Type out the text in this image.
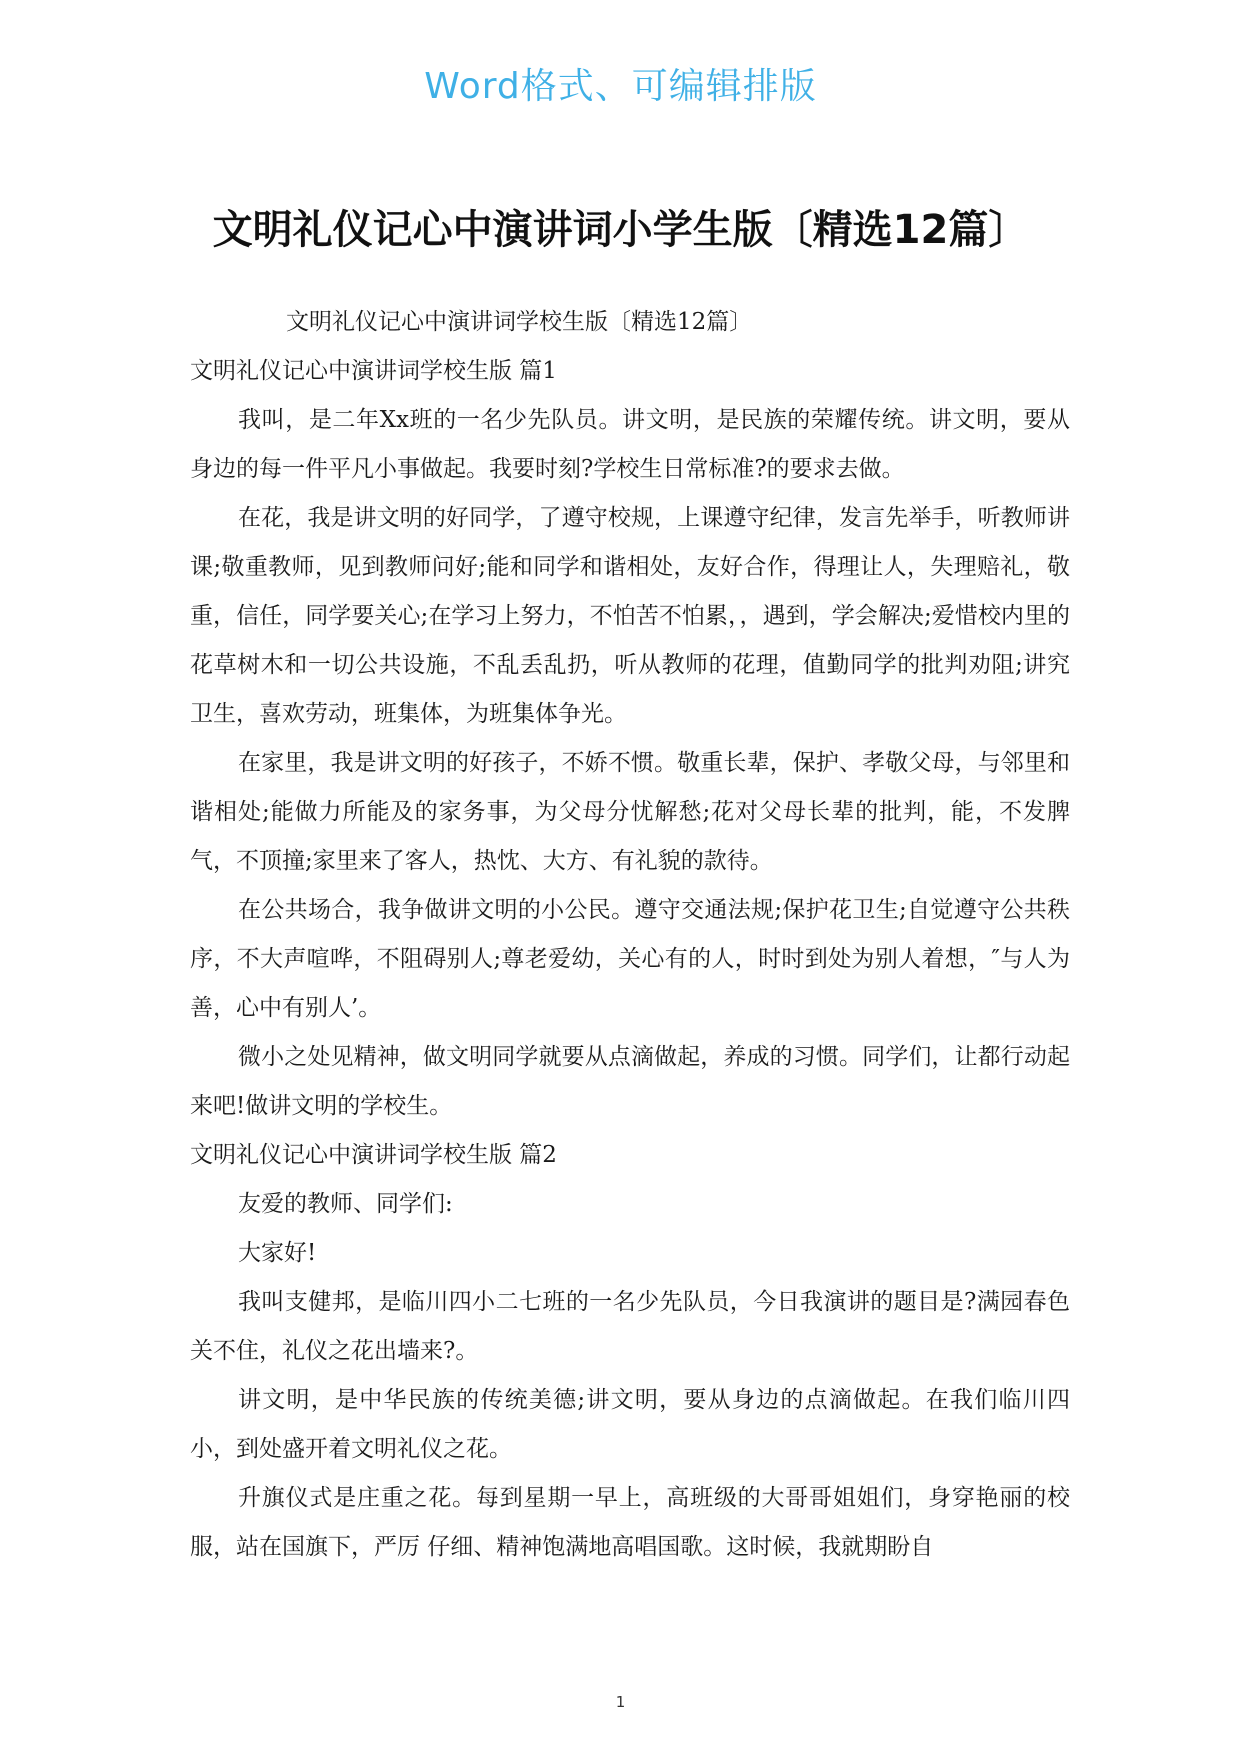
Word格式、可编辑排版
文明礼仪记心中演讲词小学生版〔精选12篇〕
文明礼仪记心中演讲词学校生版〔精选12篇〕
文明礼仪记心中演讲词学校生版 篇1

我叫，是二年Xx班的一名少先队员。讲文明，是民族的荣耀传统。讲文明，要从身边的每一件平凡小事做起。我要时刻?学校生日常标准?的要求去做。

在花，我是讲文明的好同学，了遵守校规，上课遵守纪律，发言先举手，听教师讲课;敬重教师，见到教师问好;能和同学和谐相处，友好合作，得理让人，失理赔礼，敬重，信任，同学要关心;在学习上努力，不怕苦不怕累，，遇到，学会解决;爱惜校内里的花草树木和一切公共设施，不乱丢乱扔，听从教师的花理，值勤同学的批判劝阻;讲究卫生，喜欢劳动，班集体，为班集体争光。

在家里，我是讲文明的好孩子，不娇不惯。敬重长辈，保护、孝敬父母，与邻里和谐相处;能做力所能及的家务事，为父母分忧解愁;花对父母长辈的批判，能，不发脾气，不顶撞;家里来了客人，热忱、大方、有礼貌的款待。

在公共场合，我争做讲文明的小公民。遵守交通法规;保护花卫生;自觉遵守公共秩序，不大声喧哗，不阻碍别人;尊老爱幼，关心有的人，时时到处为别人着想，″与人为善，心中有别人’。

微小之处见精神，做文明同学就要从点滴做起，养成的习惯。同学们，让都行动起来吧!做讲文明的学校生。

文明礼仪记心中演讲词学校生版 篇2

友爱的教师、同学们:

大家好!

我叫支健邦，是临川四小二七班的一名少先队员，今日我演讲的题目是?满园春色关不住，礼仪之花出墙来?。

讲文明，是中华民族的传统美德;讲文明，要从身边的点滴做起。在我们临川四小，到处盛开着文明礼仪之花。

升旗仪式是庄重之花。每到星期一早上，高班级的大哥哥姐姐们，身穿艳丽的校服，站在国旗下，严厉 仔细、精神饱满地高唱国歌。这时候，我就期盼自

1
